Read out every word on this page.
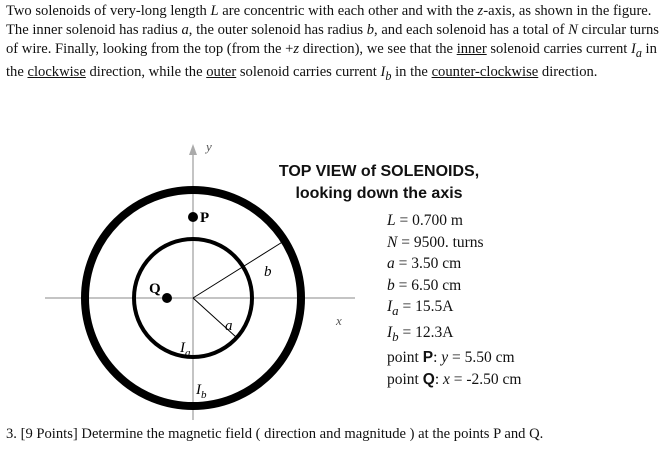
Two solenoids of very-long length L are concentric with each other and with the z-axis, as shown in the figure. The inner solenoid has radius a, the outer solenoid has radius b, and each solenoid has a total of N circular turns of wire. Finally, looking from the top (from the +z direction), we see that the inner solenoid carries current $I_a$ in the clockwise direction, while the outer solenoid carries current $I_b$ in the counter-clockwise direction.
P
Q
y
x
a
b
$I_a$
$I_b$
TOP VIEW of SOLENOIDS,
looking down the axis
L = 0.700 m
N = 9500. turns
a = 3.50 cm
b = 6.50 cm
$I_a = 15.5A$
$I_b = 12.3A$
point P: y = 5.50 cm
point Q: x = -2.50 cm
3. [9 Points] Determine the magnetic field ( direction and magnitude ) at the points P and Q.
